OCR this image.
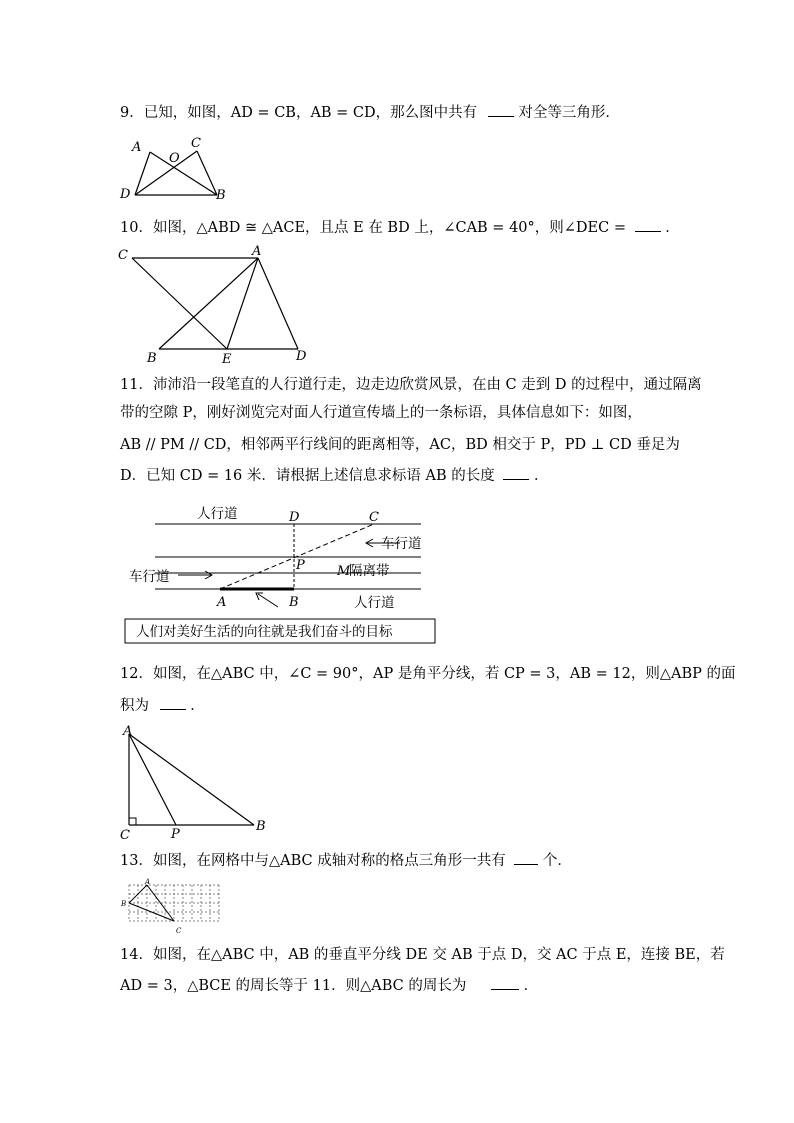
9．已知，如图，AD = CB，AB = CD，那么图中共有	对全等三角形．
A	C
O
D	B
10．如图，△ABD ≅ △ACE，且点 E 在 BD 上，∠CAB = 40°，则∠DEC =	．
C	A
B	E	D
11．沛沛沿一段笔直的人行道行走，边走边欣赏风景，在由 C 走到 D 的过程中，通过隔离
带的空隙 P，刚好浏览完对面人行道宣传墙上的一条标语，具体信息如下：如图，
AB // PM // CD，相邻两平行线间的距离相等，AC，BD 相交于 P，PD ⊥ CD 垂足为
D．已知 CD = 16 米．请根据上述信息求标语 AB 的长度	．
人行道
车行道
隔离带
车行道
人行道
人们对美好生活的向往就是我们奋斗的目标
D	C
P M
A	B
12．如图，在△ABC 中，∠C = 90°，AP 是角平分线，若 CP = 3，AB = 12，则△ABP 的面
积为	．
A
C	P
B
13．如图，在网格中与△ABC 成轴对称的格点三角形一共有	个．
A
B
C
14．如图，在△ABC 中，AB 的垂直平分线 DE 交 AB 于点 D，交 AC 于点 E，连接 BE，若
AD = 3，△BCE 的周长等于 11．则△ABC 的周长为	．
